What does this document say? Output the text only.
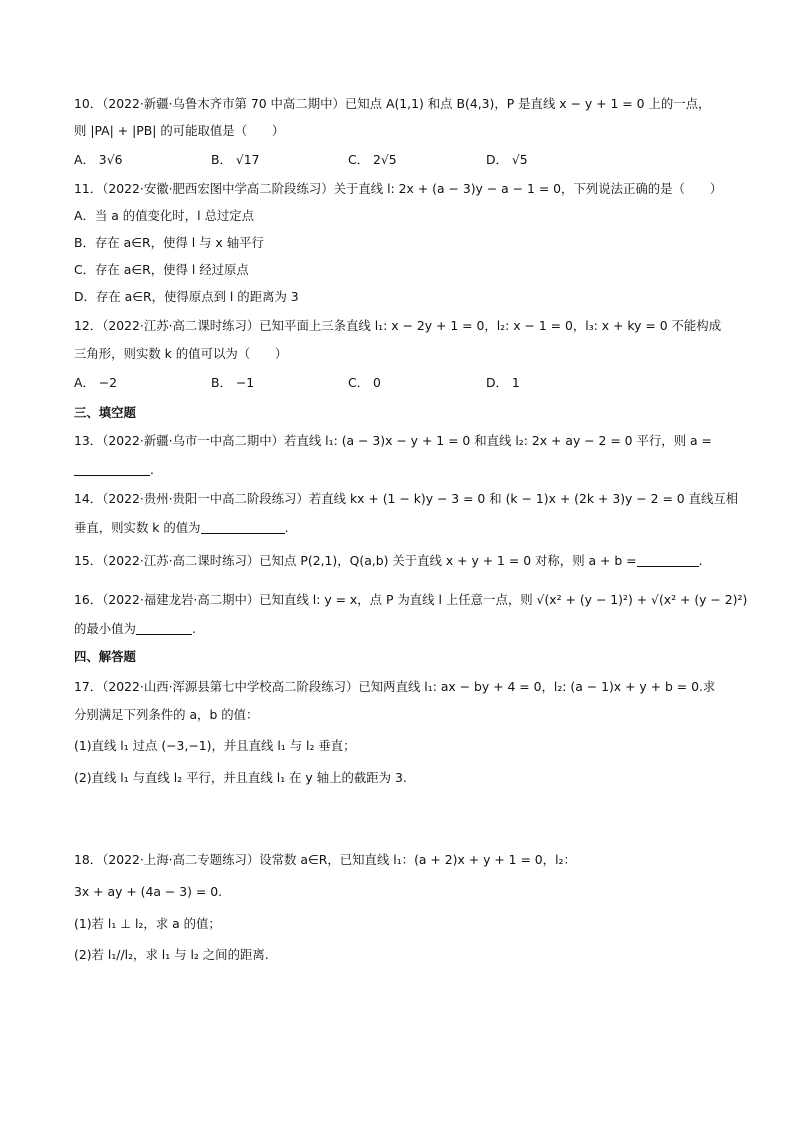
10．（2022·新疆·乌鲁木齐市第 70 中高二期中）已知点 A(1,1) 和点 B(4,3)，P 是直线 x − y + 1 = 0 上的一点，
则 |PA| + |PB| 的可能取值是（　　）
A． 3√6	B． √17	C． 2√5	D． √5
11．（2022·安徽·肥西宏图中学高二阶段练习）关于直线 l: 2x + (a − 3)y − a − 1 = 0，下列说法正确的是（　　）
A．当 a 的值变化时，l 总过定点
B．存在 a∈R，使得 l 与 x 轴平行
C．存在 a∈R，使得 l 经过原点
D．存在 a∈R，使得原点到 l 的距离为 3
12．（2022·江苏·高二课时练习）已知平面上三条直线 l₁: x − 2y + 1 = 0，l₂: x − 1 = 0，l₃: x + ky = 0 不能构成
三角形，则实数 k 的值可以为（　　）
A． −2	B． −1	C． 0	D． 1
三、填空题
13．（2022·新疆·乌市一中高二期中）若直线 l₁: (a − 3)x − y + 1 = 0 和直线 l₂: 2x + ay − 2 = 0 平行，则 a =
.
14．（2022·贵州·贵阳一中高二阶段练习）若直线 kx + (1 − k)y − 3 = 0 和 (k − 1)x + (2k + 3)y − 2 = 0 直线互相
垂直，则实数 k 的值为	.
15．（2022·江苏·高二课时练习）已知点 P(2,1)，Q(a,b) 关于直线 x + y + 1 = 0 对称，则 a + b =	.
16．（2022·福建龙岩·高二期中）已知直线 l: y = x，点 P 为直线 l 上任意一点，则 √(x² + (y − 1)²) + √(x² + (y − 2)²)
的最小值为	.
四、解答题
17．（2022·山西·浑源县第七中学校高二阶段练习）已知两直线 l₁: ax − by + 4 = 0，l₂: (a − 1)x + y + b = 0.求
分别满足下列条件的 a，b 的值：
(1)直线 l₁ 过点 (−3,−1)，并且直线 l₁ 与 l₂ 垂直；
(2)直线 l₁ 与直线 l₂ 平行，并且直线 l₁ 在 y 轴上的截距为 3.
18．（2022·上海·高二专题练习）设常数 a∈R，已知直线 l₁：(a + 2)x + y + 1 = 0，l₂：
3x + ay + (4a − 3) = 0.
(1)若 l₁ ⊥ l₂，求 a 的值；
(2)若 l₁//l₂，求 l₁ 与 l₂ 之间的距离.
